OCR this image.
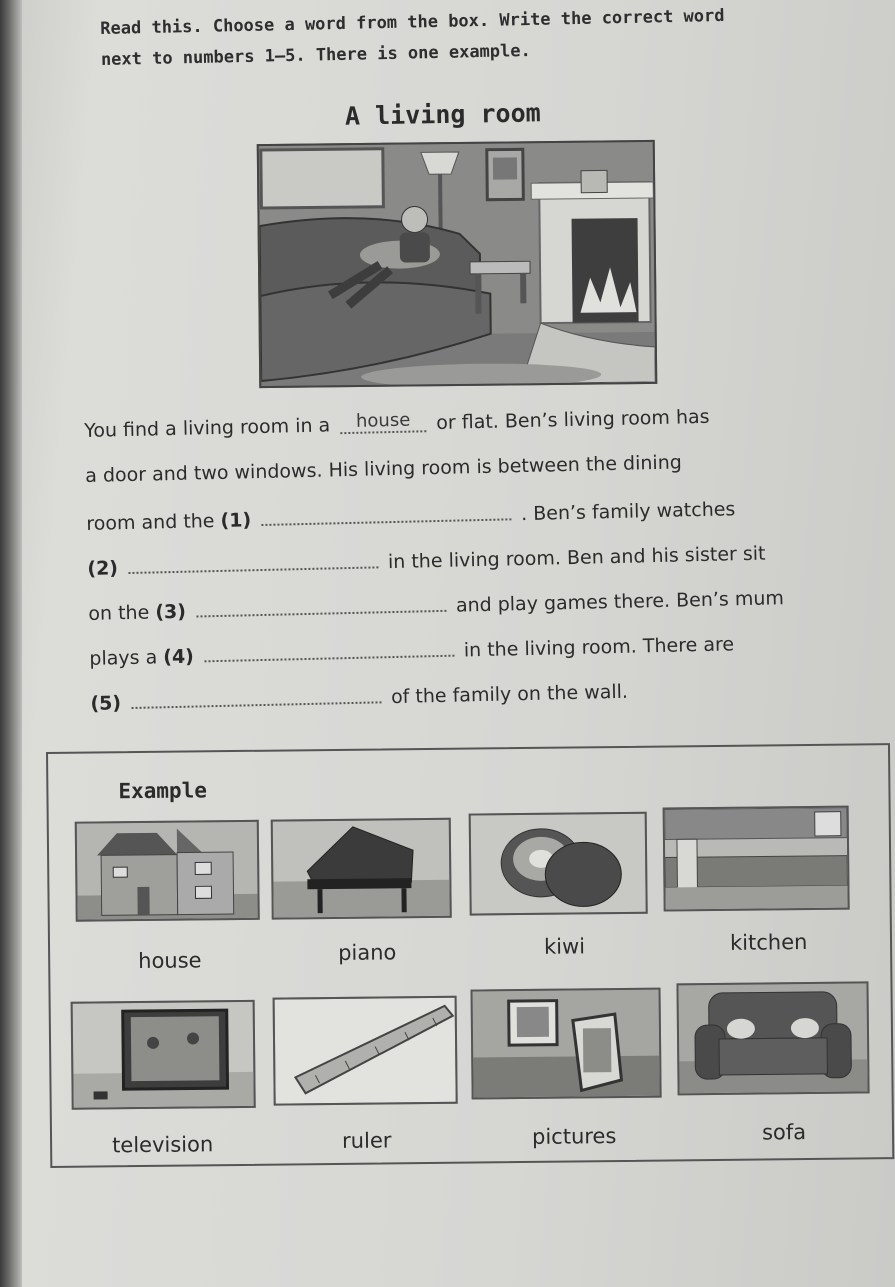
Read this. Choose a word from the box. Write the correct word
next to numbers 1–5. There is one example.
A living room
You find a living room in a house or flat. Ben’s living room has
a door and two windows. His living room is between the dining
room and the (1)	. Ben’s family watches
(2)	in the living room. Ben and his sister sit
on the (3)	and play games there. Ben’s mum
plays a (4)	in the living room. There are
(5)	of the family on the wall.
Example
house	piano	kiwi	kitchen
television	ruler	pictures	sofa
